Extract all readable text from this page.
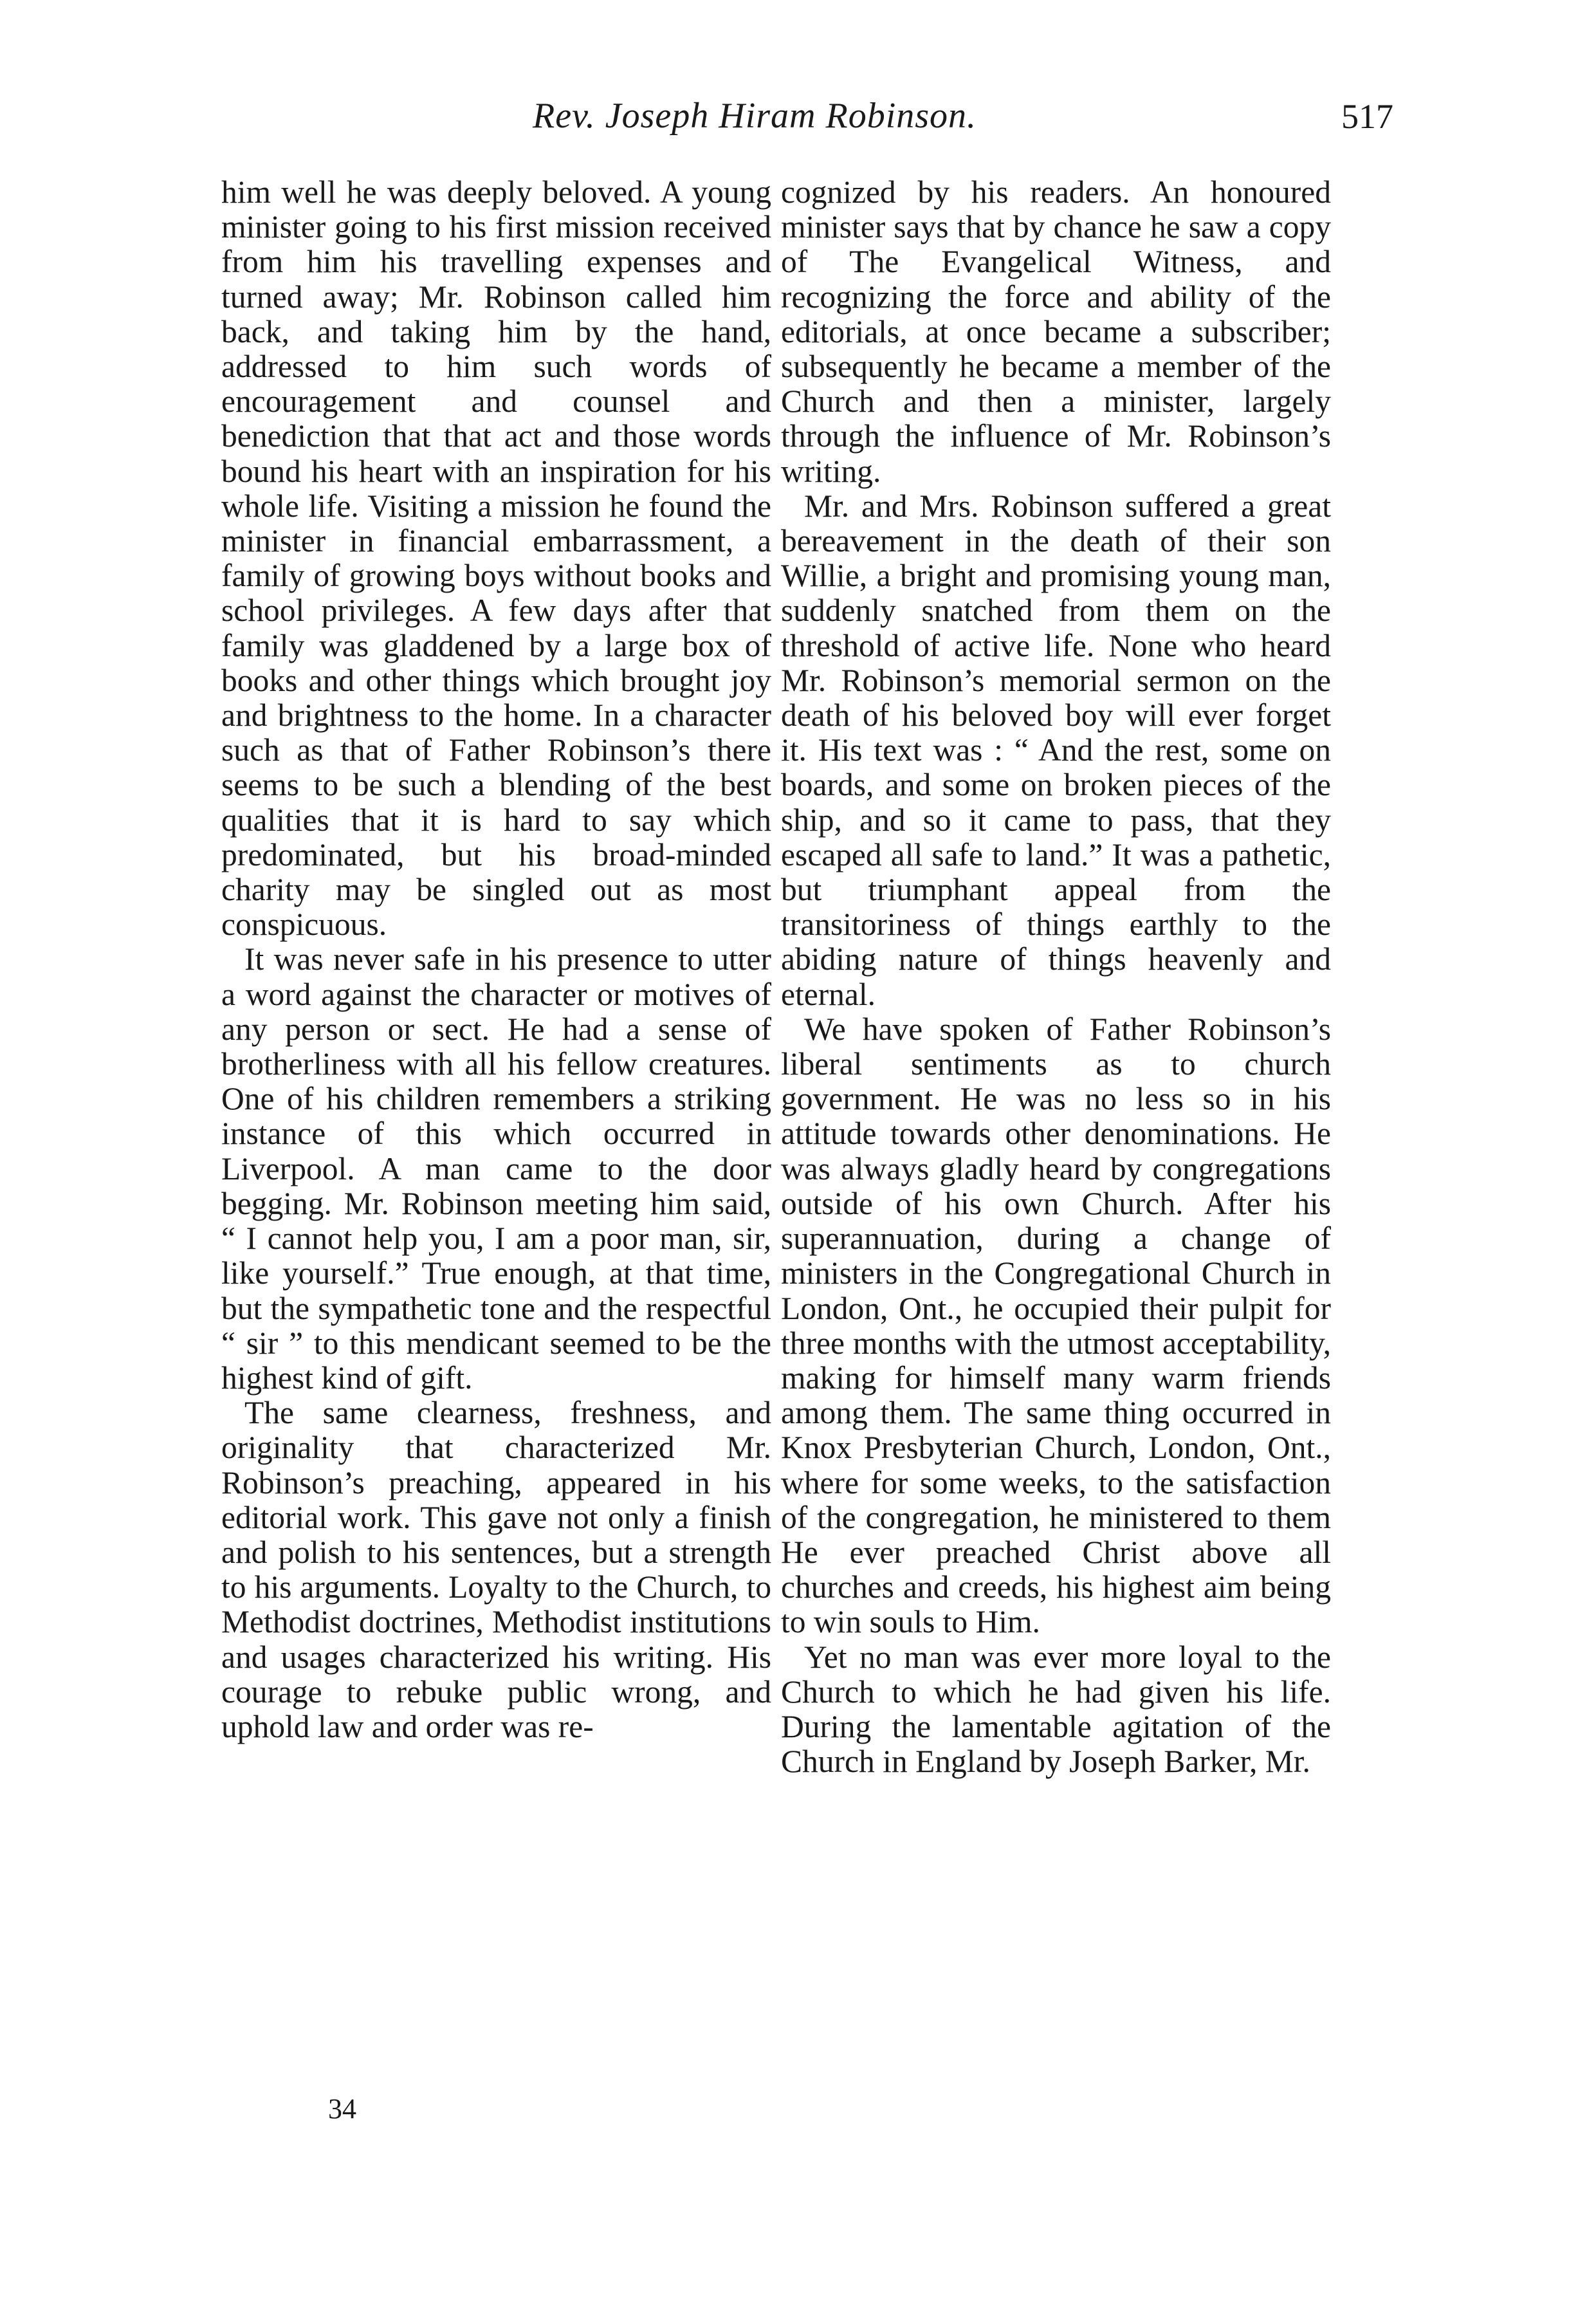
Rev. Joseph Hiram Robinson.	517

him well he was deeply beloved. A young minister going to his first mission received from him his travelling expenses and turned away; Mr. Robinson called him back, and taking him by the hand, addressed to him such words of encouragement and counsel and benediction that that act and those words bound his heart with an inspiration for his whole life. Visiting a mission he found the minister in financial embarrassment, a family of growing boys without books and school privileges. A few days after that family was gladdened by a large box of books and other things which brought joy and brightness to the home. In a character such as that of Father Robinson’s there seems to be such a blending of the best qualities that it is hard to say which predominated, but his broad-minded charity may be singled out as most conspicuous.

It was never safe in his presence to utter a word against the character or motives of any person or sect. He had a sense of brotherliness with all his fellow creatures. One of his children remembers a striking instance of this which occurred in Liverpool. A man came to the door begging. Mr. Robinson meeting him said, “ I cannot help you, I am a poor man, sir, like yourself.” True enough, at that time, but the sympathetic tone and the respectful “ sir ” to this mendicant seemed to be the highest kind of gift.

The same clearness, freshness, and originality that characterized Mr. Robinson’s preaching, appeared in his editorial work. This gave not only a finish and polish to his sentences, but a strength to his arguments. Loyalty to the Church, to Methodist doctrines, Methodist institutions and usages characterized his writing. His courage to rebuke public wrong, and uphold law and order was re-

cognized by his readers. An honoured minister says that by chance he saw a copy of The Evangelical Witness, and recognizing the force and ability of the editorials, at once became a subscriber; subsequently he became a member of the Church and then a minister, largely through the influence of Mr. Robinson’s writing.

Mr. and Mrs. Robinson suffered a great bereavement in the death of their son Willie, a bright and promising young man, suddenly snatched from them on the threshold of active life. None who heard Mr. Robinson’s memorial sermon on the death of his beloved boy will ever forget it. His text was : “ And the rest, some on boards, and some on broken pieces of the ship, and so it came to pass, that they escaped all safe to land.” It was a pathetic, but triumphant appeal from the transitoriness of things earthly to the abiding nature of things heavenly and eternal.

We have spoken of Father Robinson’s liberal sentiments as to church government. He was no less so in his attitude towards other denominations. He was always gladly heard by congregations outside of his own Church. After his superannuation, during a change of ministers in the Congregational Church in London, Ont., he occupied their pulpit for three months with the utmost acceptability, making for himself many warm friends among them. The same thing occurred in Knox Presbyterian Church, London, Ont., where for some weeks, to the satisfaction of the congregation, he ministered to them He ever preached Christ above all churches and creeds, his highest aim being to win souls to Him.

Yet no man was ever more loyal to the Church to which he had given his life. During the lamentable agitation of the Church in England by Joseph Barker, Mr.

34
